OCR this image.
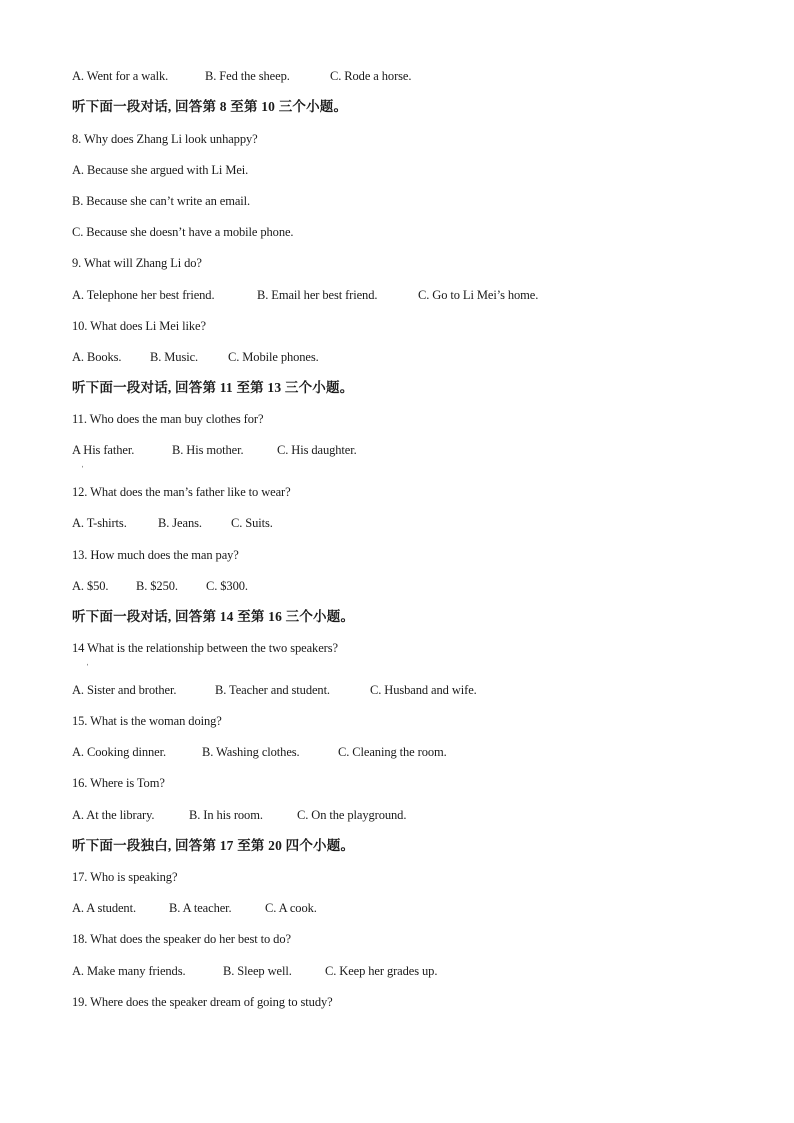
A. Went for a walk.	B. Fed the sheep.	C. Rode a horse.
听下面一段对话, 回答第 8 至第 10 三个小题。
8. Why does Zhang Li look unhappy?
A. Because she argued with Li Mei.
B. Because she can’t write an email.
C. Because she doesn’t have a mobile phone.
9. What will Zhang Li do?
A. Telephone her best friend.	B. Email her best friend.	C. Go to Li Mei’s home.
10. What does Li Mei like?
A. Books. B. Music. C. Mobile phones.
听下面一段对话, 回答第 11 至第 13 三个小题。
11. Who does the man buy clothes for?
A His father.	B. His mother.	C. His daughter.
ˌ
12. What does the man’s father like to wear?
A. T-shirts.	B. Jeans. C. Suits.
13. How much does the man pay?
A. $50. B. $250. C. $300.
听下面一段对话, 回答第 14 至第 16 三个小题。
14 What is the relationship between the two speakers?
ˌ
A. Sister and brother.	B. Teacher and student.	C. Husband and wife.
15. What is the woman doing?
A. Cooking dinner.	B. Washing clothes.	C. Cleaning the room.
16. Where is Tom?
A. At the library.	B. In his room.	C. On the playground.
听下面一段独白, 回答第 17 至第 20 四个小题。
17. Who is speaking?
A. A student.	B. A teacher.	C. A cook.
18. What does the speaker do her best to do?
A. Make many friends.	B. Sleep well.	C. Keep her grades up.
19. Where does the speaker dream of going to study?
